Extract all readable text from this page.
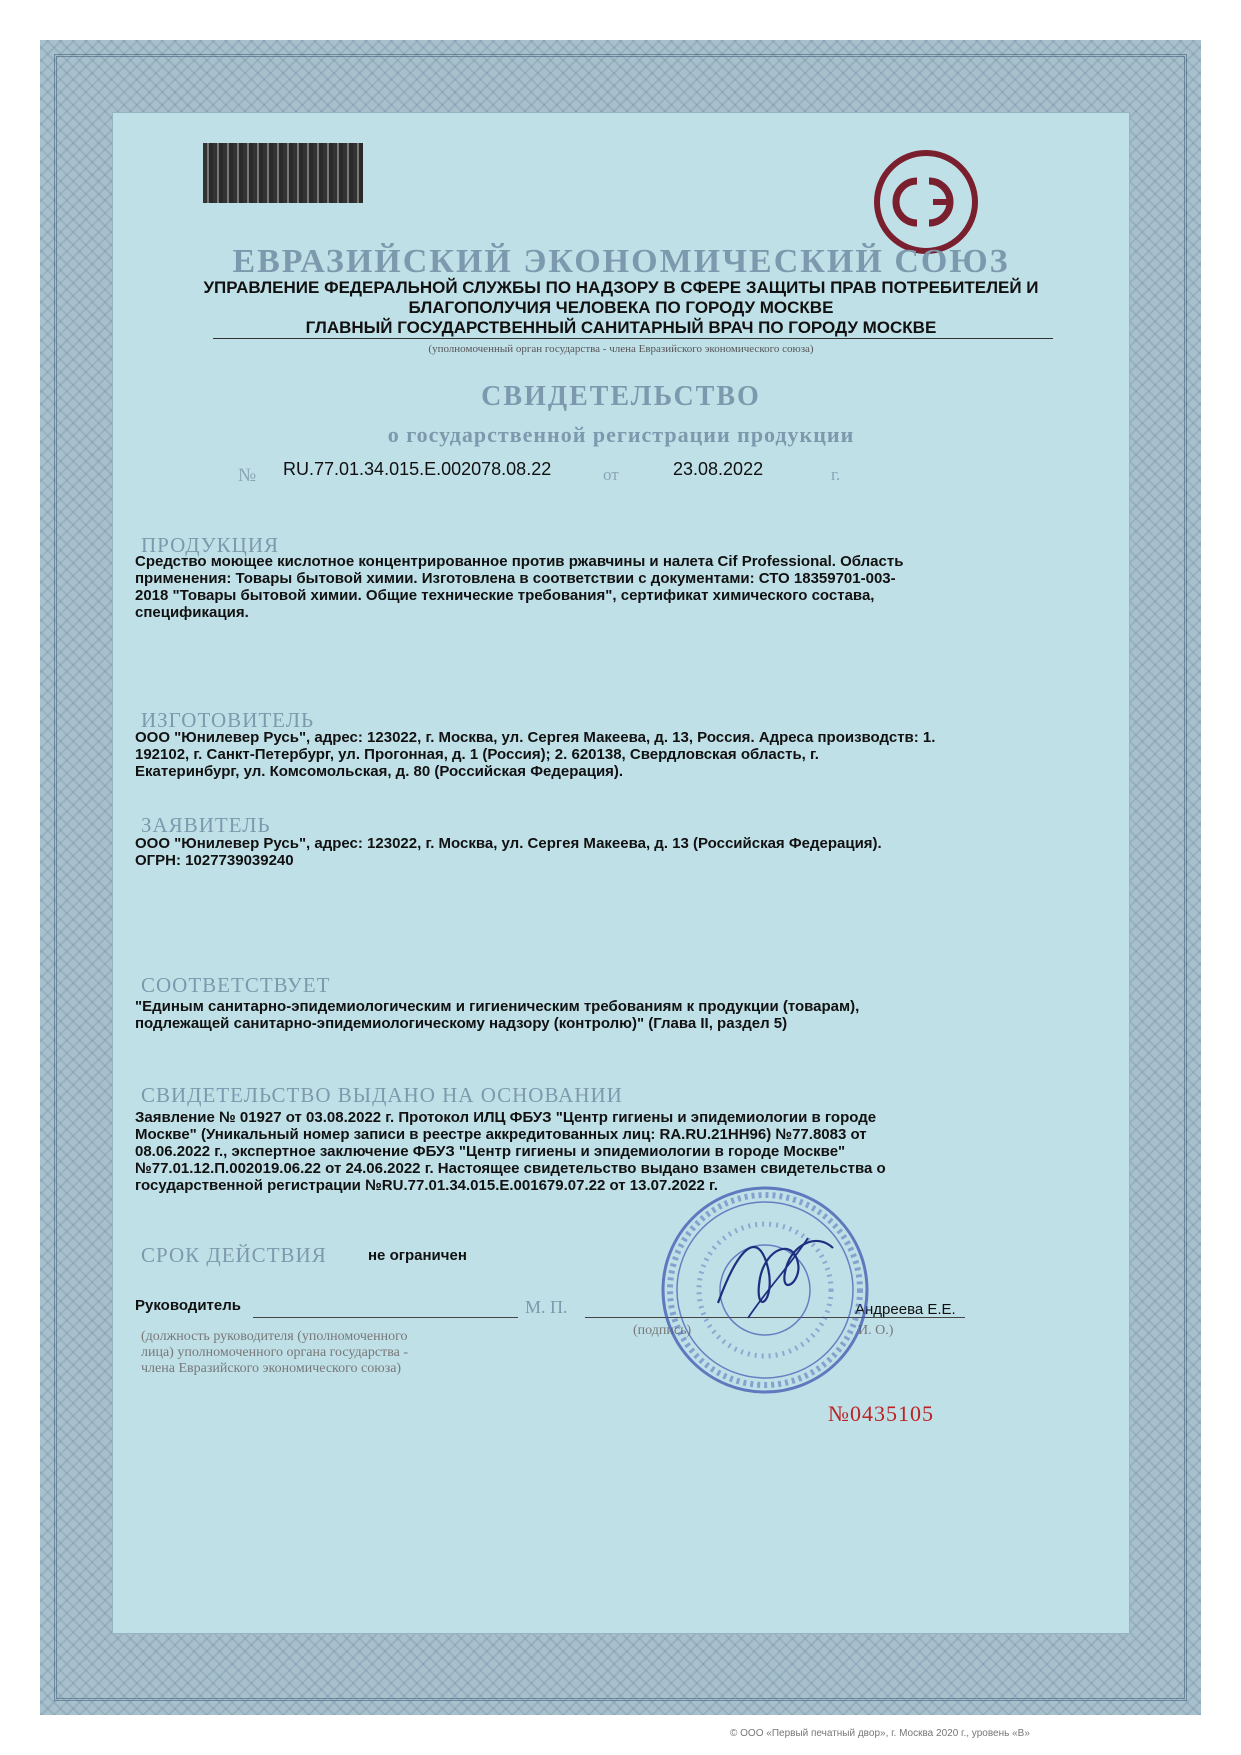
ЕВРАЗИЙСКИЙ ЭКОНОМИЧЕСКИЙ СОЮЗ
УПРАВЛЕНИЕ ФЕДЕРАЛЬНОЙ СЛУЖБЫ ПО НАДЗОРУ В СФЕРЕ ЗАЩИТЫ ПРАВ ПОТРЕБИТЕЛЕЙ И
БЛАГОПОЛУЧИЯ ЧЕЛОВЕКА ПО ГОРОДУ МОСКВЕ
ГЛАВНЫЙ ГОСУДАРСТВЕННЫЙ САНИТАРНЫЙ ВРАЧ ПО ГОРОДУ МОСКВЕ
(уполномоченный орган государства - члена Евразийского экономического союза)
СВИДЕТЕЛЬСТВО
о государственной регистрации продукции
№ RU.77.01.34.015.E.002078.08.22	от	23.08.2022	г.
ПРОДУКЦИЯ
Средство моющее кислотное концентрированное против ржавчины и налета Cif Professional. Область
применения: Товары бытовой химии. Изготовлена в соответствии с документами: СТО 18359701-003-
2018 "Товары бытовой химии. Общие технические требования", сертификат химического состава,
спецификация.
ИЗГОТОВИТЕЛЬ
ООО "Юнилевер Русь", адрес: 123022, г. Москва, ул. Сергея Макеева, д. 13, Россия. Адреса производств: 1.
192102, г. Санкт-Петербург, ул. Прогонная, д. 1 (Россия); 2. 620138, Свердловская область, г.
Екатеринбург, ул. Комсомольская, д. 80 (Российская Федерация).
ЗАЯВИТЕЛЬ
ООО "Юнилевер Русь", адрес: 123022, г. Москва, ул. Сергея Макеева, д. 13 (Российская Федерация).
ОГРН: 1027739039240
СООТВЕТСТВУЕТ
"Единым санитарно-эпидемиологическим и гигиеническим требованиям к продукции (товарам),
подлежащей санитарно-эпидемиологическому надзору (контролю)" (Глава II, раздел 5)
СВИДЕТЕЛЬСТВО ВЫДАНО НА ОСНОВАНИИ
Заявление № 01927 от 03.08.2022 г. Протокол ИЛЦ ФБУЗ "Центр гигиены и эпидемиологии в городе
Москве" (Уникальный номер записи в реестре аккредитованных лиц: RA.RU.21НН96) №77.8083 от
08.06.2022 г., экспертное заключение ФБУЗ "Центр гигиены и эпидемиологии в городе Москве"
№77.01.12.П.002019.06.22 от 24.06.2022 г. Настоящее свидетельство выдано взамен свидетельства о
государственной регистрации №RU.77.01.34.015.Е.001679.07.22 от 13.07.2022 г.
СРОК ДЕЙСТВИЯ	не ограничен
Руководитель	М. П.
(подпись)	И. О.)
Андреева Е.Е.
(должность руководителя (уполномоченного
лица) уполномоченного органа государства -
члена Евразийского экономического союза)
№0435105
© ООО «Первый печатный двор», г. Москва 2020 г., уровень «В»
